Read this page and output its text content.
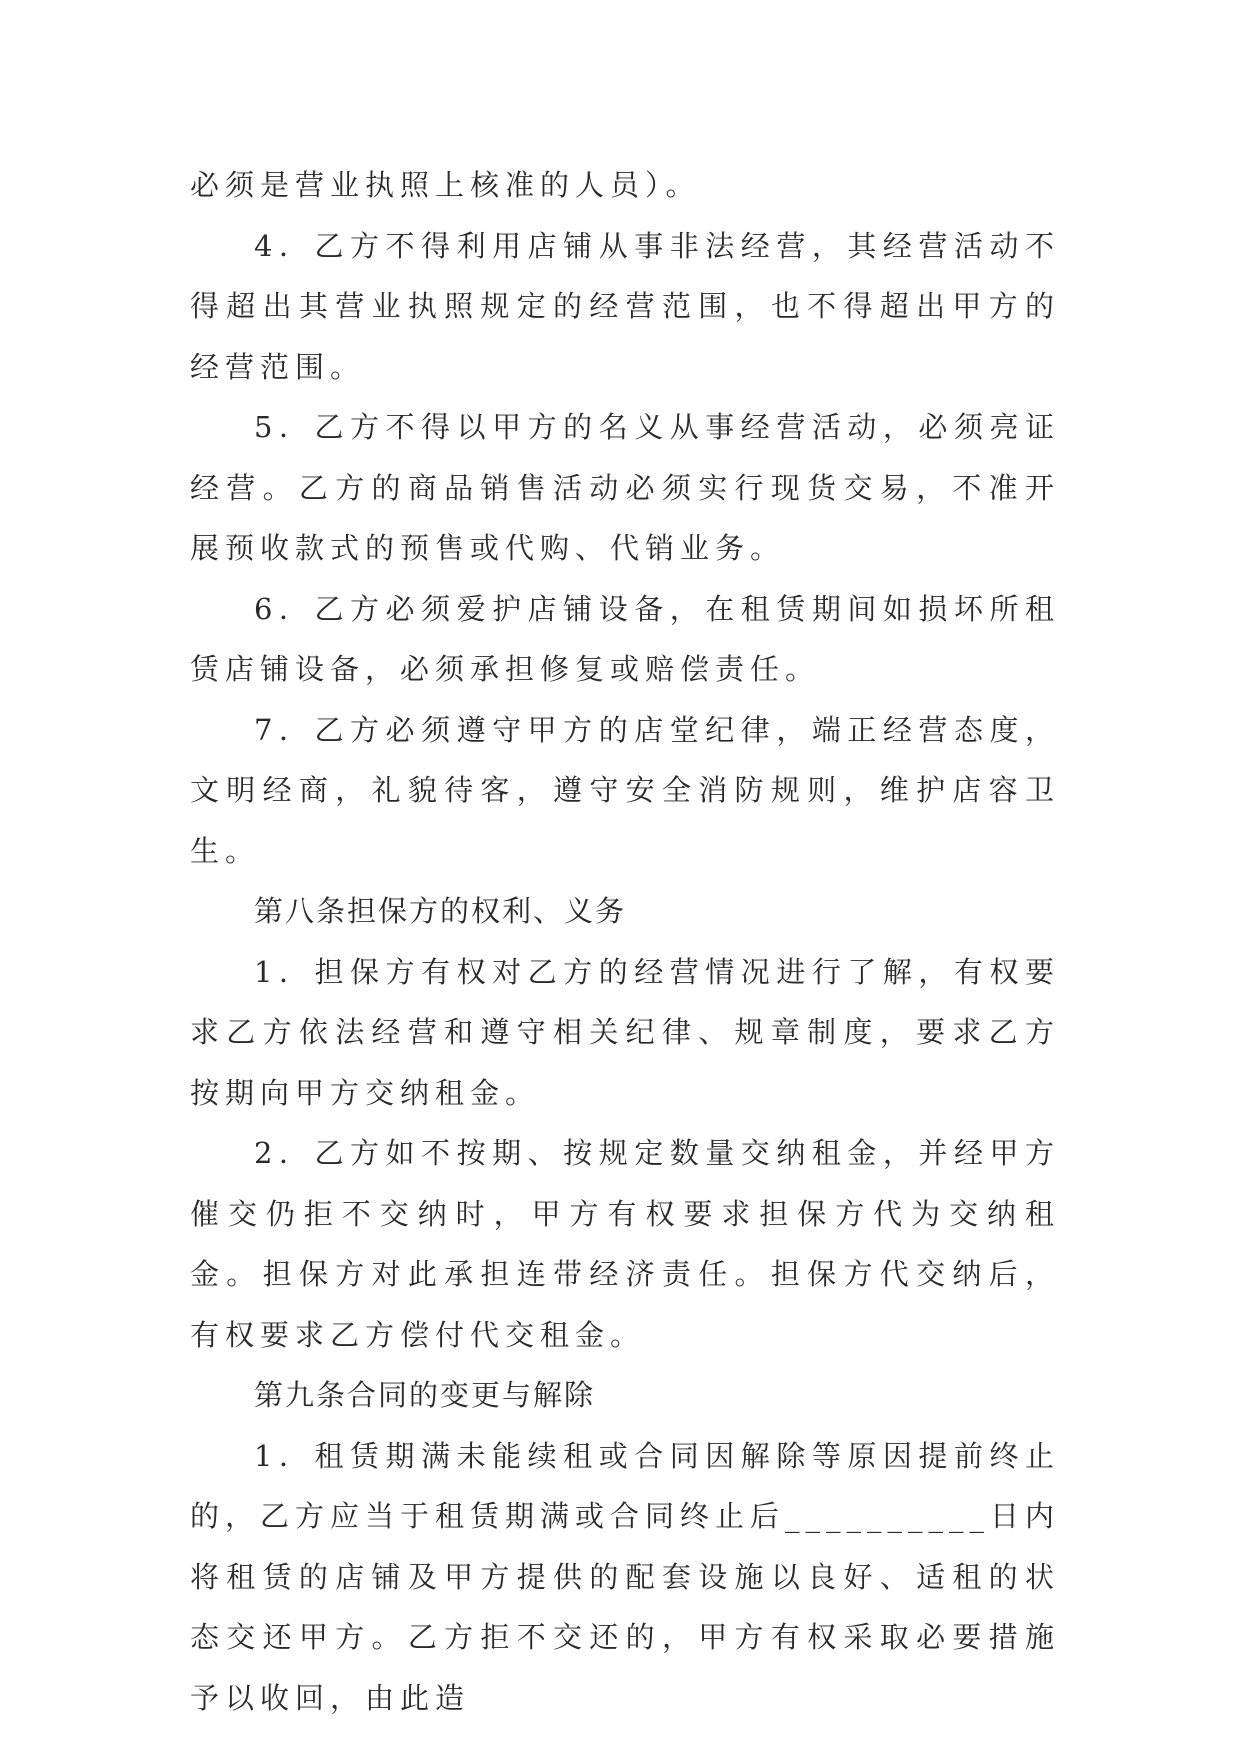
必须是营业执照上核准的人员）。

4．乙方不得利用店铺从事非法经营，其经营活动不得超出其营业执照规定的经营范围，也不得超出甲方的经营范围。

5．乙方不得以甲方的名义从事经营活动，必须亮证经营。乙方的商品销售活动必须实行现货交易，不准开展预收款式的预售或代购、代销业务。

6．乙方必须爱护店铺设备，在租赁期间如损坏所租赁店铺设备，必须承担修复或赔偿责任。

7．乙方必须遵守甲方的店堂纪律，端正经营态度，文明经商，礼貌待客，遵守安全消防规则，维护店容卫生。

第八条担保方的权利、义务

1．担保方有权对乙方的经营情况进行了解，有权要求乙方依法经营和遵守相关纪律、规章制度，要求乙方按期向甲方交纳租金。

2．乙方如不按期、按规定数量交纳租金，并经甲方催交仍拒不交纳时，甲方有权要求担保方代为交纳租金。担保方对此承担连带经济责任。担保方代交纳后，有权要求乙方偿付代交租金。

第九条合同的变更与解除

1．租赁期满未能续租或合同因解除等原因提前终止的，乙方应当于租赁期满或合同终止后__________日内将租赁的店铺及甲方提供的配套设施以良好、适租的状态交还甲方。乙方拒不交还的，甲方有权采取必要措施予以收回，由此造
